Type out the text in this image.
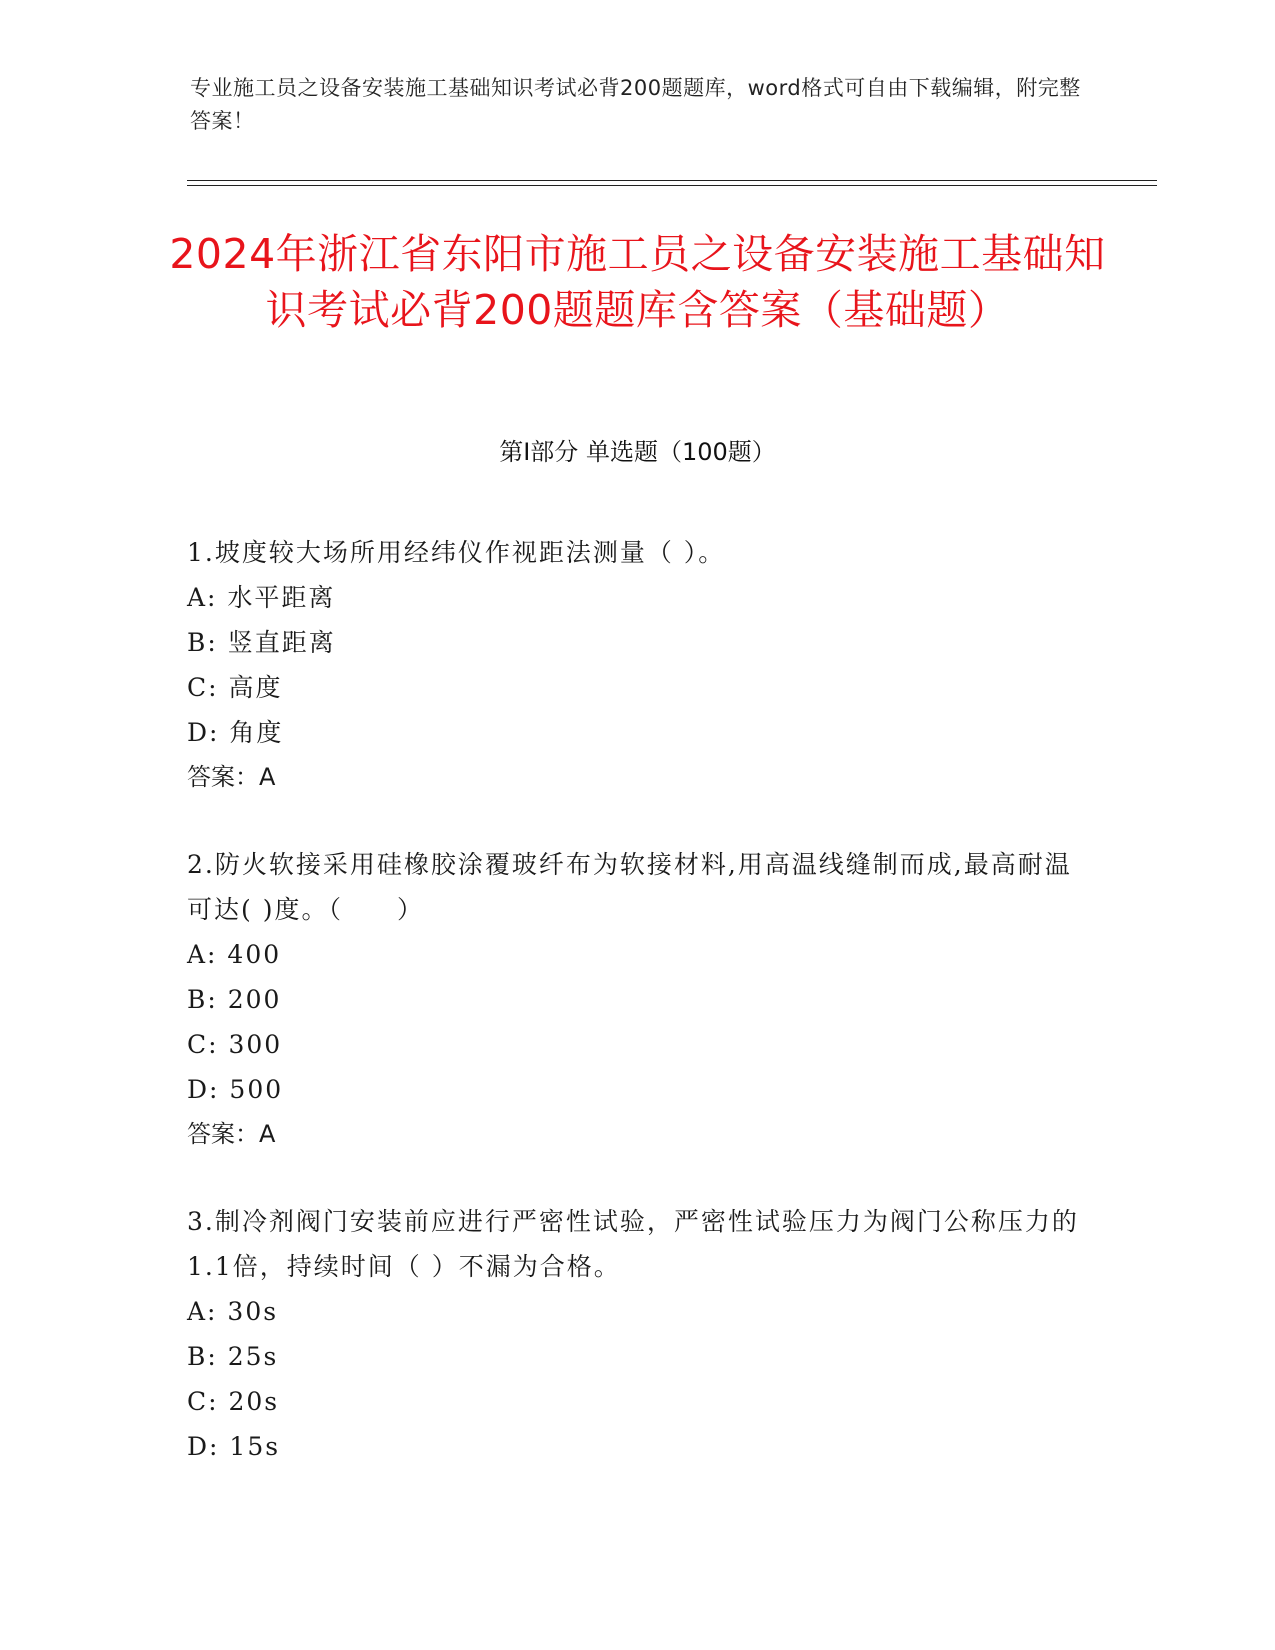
专业施工员之设备安装施工基础知识考试必背200题题库，word格式可自由下载编辑，附完整答案！
2024年浙江省东阳市施工员之设备安装施工基础知识考试必背200题题库含答案（基础题）
第I部分 单选题（100题）

1.坡度较大场所用经纬仪作视距法测量（ ）。

A: 水平距离

B: 竖直距离

C: 高度

D: 角度

答案：A

2.防火软接采用硅橡胶涂覆玻纤布为软接材料,用高温线缝制而成,最高耐温可达( )度。（　　）

A: 400

B: 200

C: 300

D: 500

答案：A

3.制冷剂阀门安装前应进行严密性试验，严密性试验压力为阀门公称压力的1.1倍，持续时间（ ）不漏为合格。

A: 30s

B: 25s

C: 20s

D: 15s
